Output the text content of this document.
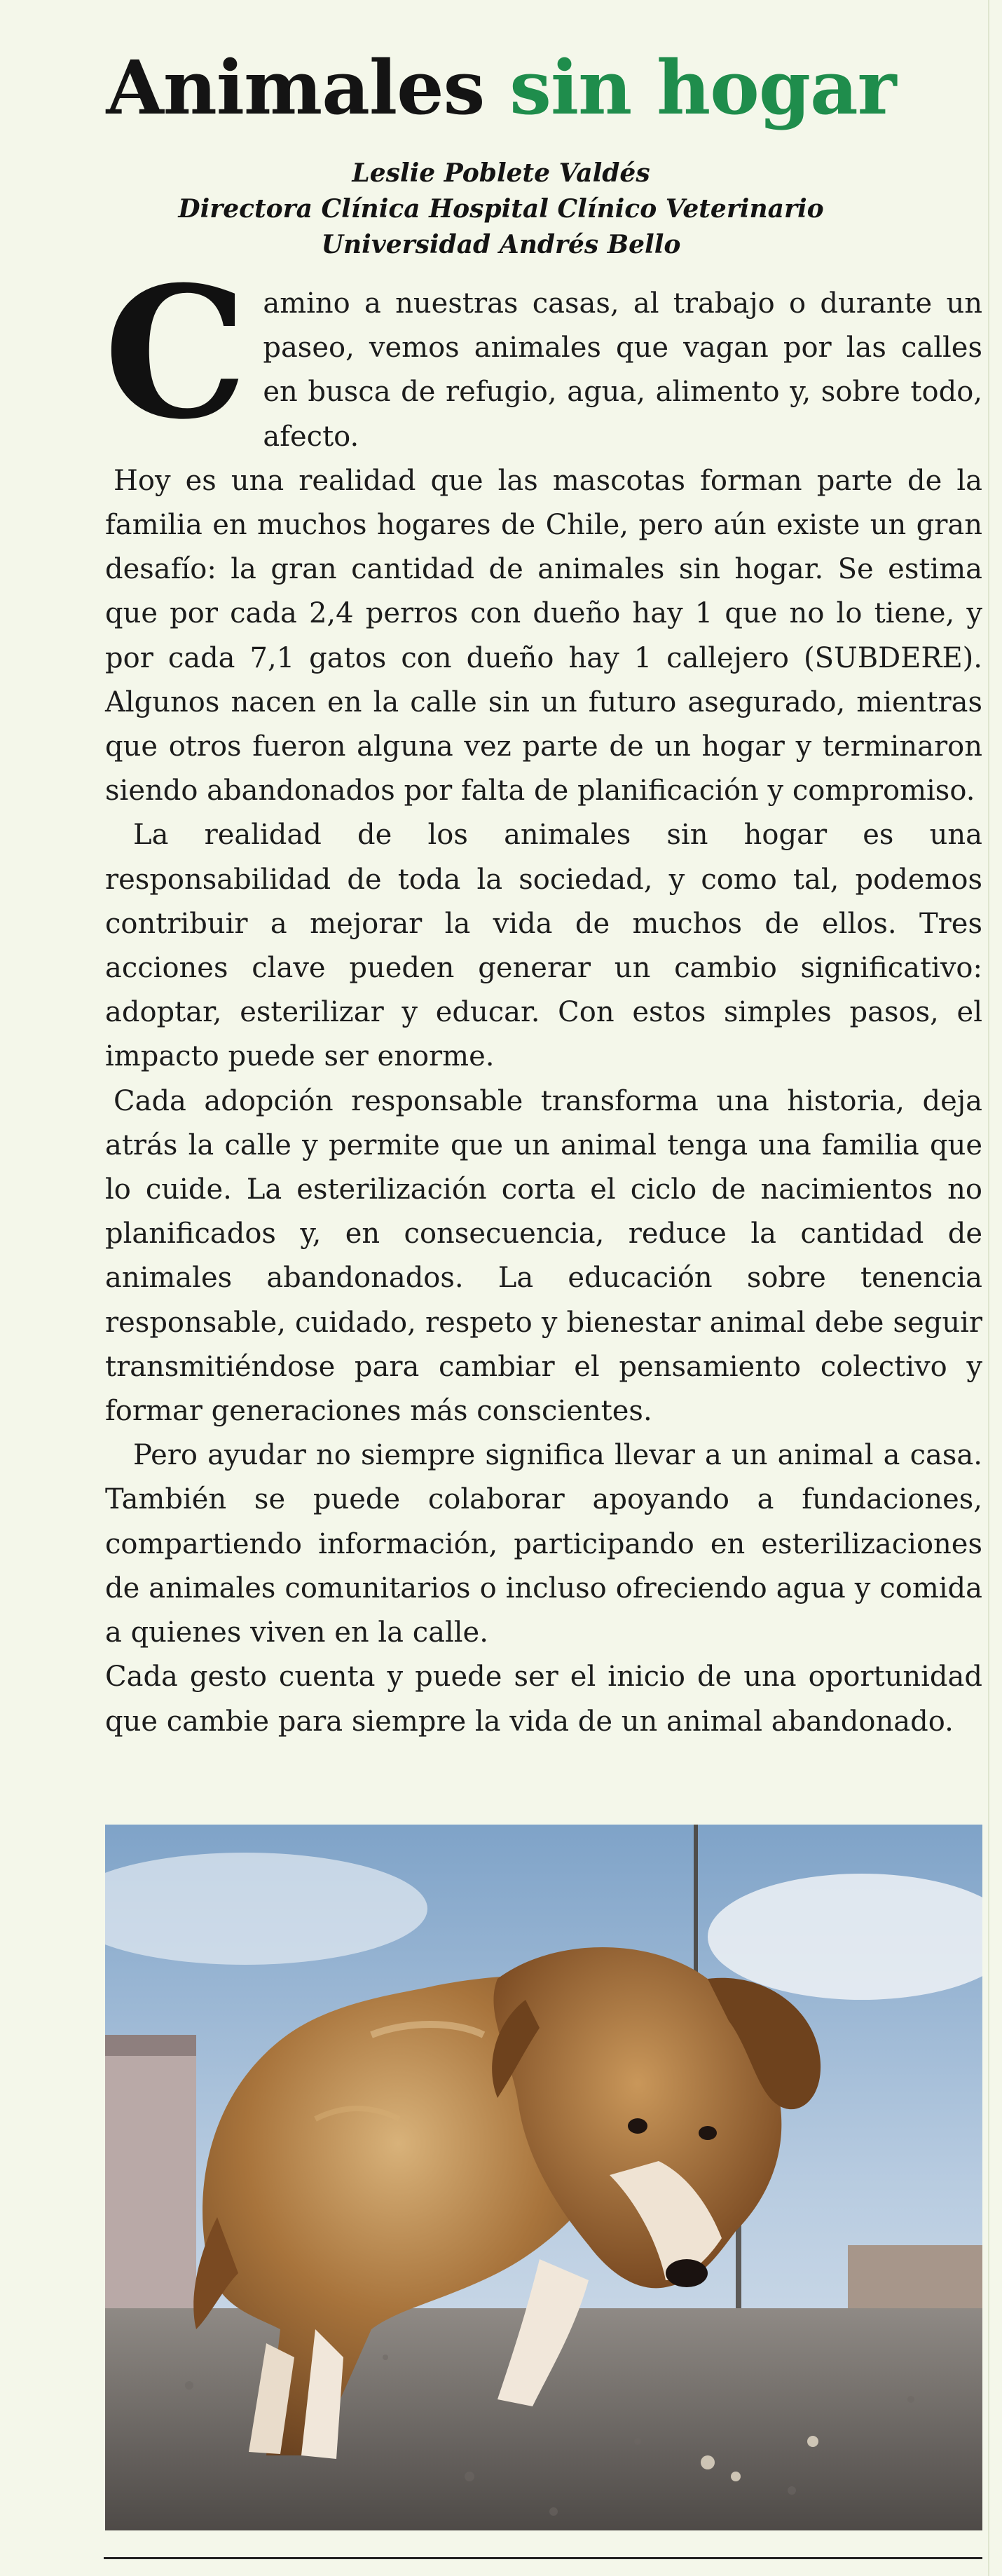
Animales sin hogar
Leslie Poblete Valdés
Directora Clínica Hospital Clínico Veterinario
Universidad Andrés Bello

Camino a nuestras casas, al trabajo o durante un paseo, vemos animales que vagan por las calles en busca de refugio, agua, alimento y, sobre todo, afecto.

Hoy es una realidad que las mascotas forman parte de la familia en muchos hogares de Chile, pero aún existe un gran desafío: la gran cantidad de animales sin hogar. Se estima que por cada 2,4 perros con dueño hay 1 que no lo tiene, y por cada 7,1 gatos con dueño hay 1 callejero (SUBDERE). Algunos nacen en la calle sin un futuro asegurado, mientras que otros fueron alguna vez parte de un hogar y terminaron siendo abandonados por falta de planificación y compromiso.

La realidad de los animales sin hogar es una responsabilidad de toda la sociedad, y como tal, podemos contribuir a mejorar la vida de muchos de ellos. Tres acciones clave pueden generar un cambio significativo: adoptar, esterilizar y educar. Con estos simples pasos, el impacto puede ser enorme.

Cada adopción responsable transforma una historia, deja atrás la calle y permite que un animal tenga una familia que lo cuide. La esterilización corta el ciclo de nacimientos no planificados y, en consecuencia, reduce la cantidad de animales abandonados. La educación sobre tenencia responsable, cuidado, respeto y bienestar animal debe seguir transmitiéndose para cambiar el pensamiento colectivo y formar generaciones más conscientes.

Pero ayudar no siempre significa llevar a un animal a casa. También se puede colaborar apoyando a fundaciones, compartiendo información, participando en esterilizaciones de animales comunitarios o incluso ofreciendo agua y comida a quienes viven en la calle.

Cada gesto cuenta y puede ser el inicio de una oportunidad que cambie para siempre la vida de un animal abandonado.
